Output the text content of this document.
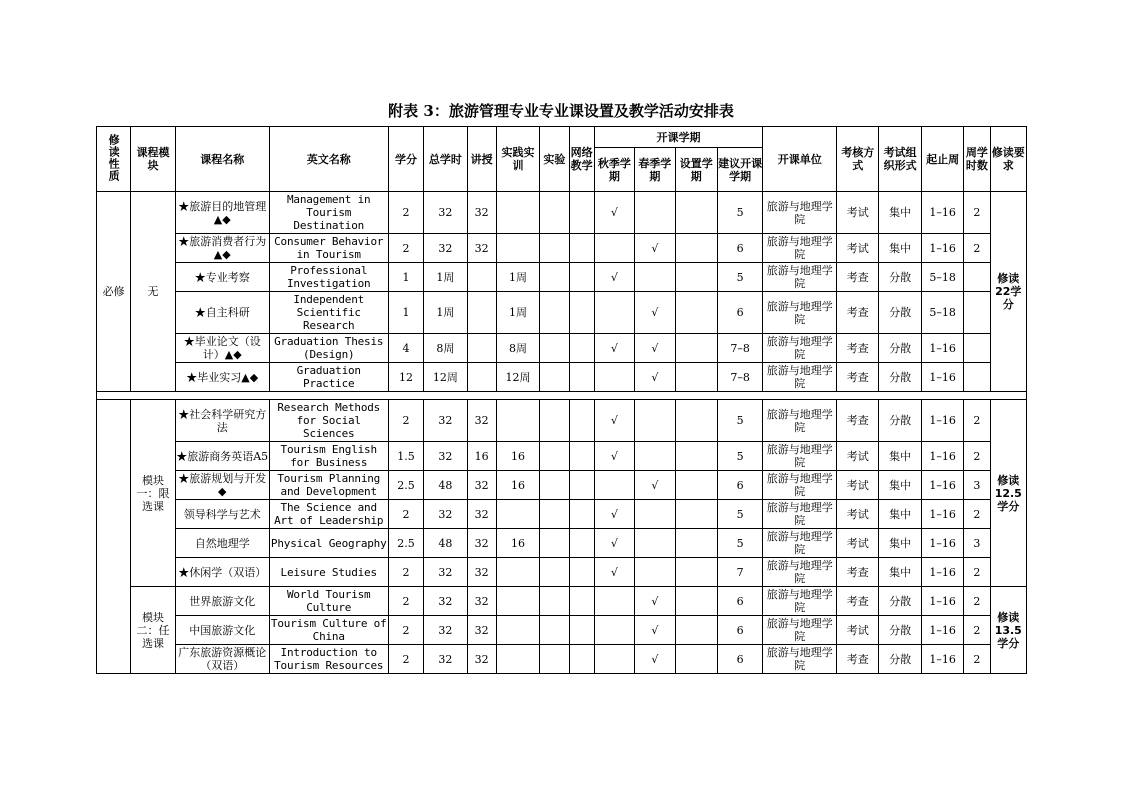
附表 3：旅游管理专业专业课设置及教学活动安排表
修读性质	课程模块	课程名称	英文名称	学分	总学时	讲授	实践实训	实验	网络教学	开课学期				开课单位	考核方式	考试组织形式	起止周	周学时数	修读要求
										秋季学期	春季学期	设置学期	建议开课学期						
必修	无	★旅游目的地管理▲◆	Management in Tourism Destination	2	32	32				√			5	旅游与地理学院	考试	集中	1–16	2	修读22学分
		★旅游消费者行为▲◆	Consumer Behavior in Tourism	2	32	32					√		6	旅游与地理学院	考试	集中	1–16	2	
		★专业考察	Professional Investigation	1	1周		1周			√			5	旅游与地理学院	考查	分散	5–18		
		★自主科研	Independent Scientific Research	1	1周		1周				√		6	旅游与地理学院	考查	分散	5–18		
		★毕业论文（设计）▲◆	Graduation Thesis (Design)	4	8周		8周			√	√		7–8	旅游与地理学院	考查	分散	1–16		
		★毕业实习▲◆	Graduation Practice	12	12周		12周				√		7–8	旅游与地理学院	考查	分散	1–16		

	模块一：限选课	★社会科学研究方法	Research Methods for Social Sciences	2	32	32				√			5	旅游与地理学院	考查	分散	1–16	2	修读12.5学分
		★旅游商务英语A5	Tourism English for Business	1.5	32	16	16			√			5	旅游与地理学院	考试	集中	1–16	2	
		★旅游规划与开发◆	Tourism Planning and Development	2.5	48	32	16				√		6	旅游与地理学院	考试	集中	1–16	3	
		领导科学与艺术	The Science and Art of Leadership	2	32	32				√			5	旅游与地理学院	考试	集中	1–16	2	
		自然地理学	Physical Geography	2.5	48	32	16			√			5	旅游与地理学院	考试	集中	1–16	3	
		★休闲学（双语）	Leisure Studies	2	32	32				√			7	旅游与地理学院	考查	集中	1–16	2	
	模块二：任选课	世界旅游文化	World Tourism Culture	2	32	32					√		6	旅游与地理学院	考查	分散	1–16	2	修读13.5学分
		中国旅游文化	Tourism Culture of China	2	32	32					√		6	旅游与地理学院	考试	分散	1–16	2	
		广东旅游资源概论（双语）	Introduction to Tourism Resources	2	32	32					√		6	旅游与地理学院	考查	分散	1–16	2	
